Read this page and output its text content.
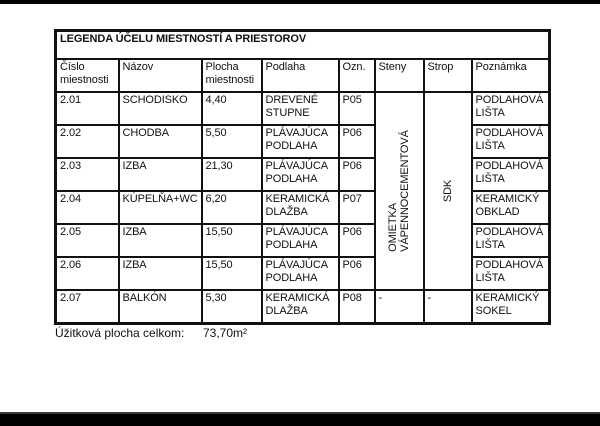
LEGENDA ÚČELU MIESTNOSTÍ A PRIESTOROV							
Číslo miestnosti	Názov	Plocha miestnosti	Podlaha	Ozn.	Steny	Strop	Poznámka
2.01	SCHODISKO	4,40	DREVENÉ STUPNE	P05	OMIETKA VÁPENNOCEMENTOVÁ	SDK	PODLAHOVÁ LIŠTA
2.02	CHODBA	5,50	PLÁVAJÚCA PODLAHA	P06			PODLAHOVÁ LIŠTA
2.03	IZBA	21,30	PLÁVAJÚCA PODLAHA	P06			PODLAHOVÁ LIŠTA
2.04	KÚPELŇA+WC	6,20	KERAMICKÁ DLAŽBA	P07			KERAMICKÝ OBKLAD
2.05	IZBA	15,50	PLÁVAJÚCA PODLAHA	P06			PODLAHOVÁ LIŠTA
2.06	IZBA	15,50	PLÁVAJÚCA PODLAHA	P06			PODLAHOVÁ LIŠTA
2.07	BALKÓN	5,30	KERAMICKÁ DLAŽBA	P08	-	-	KERAMICKÝ SOKEL
Úžitková plocha celkom: 73,70m²
